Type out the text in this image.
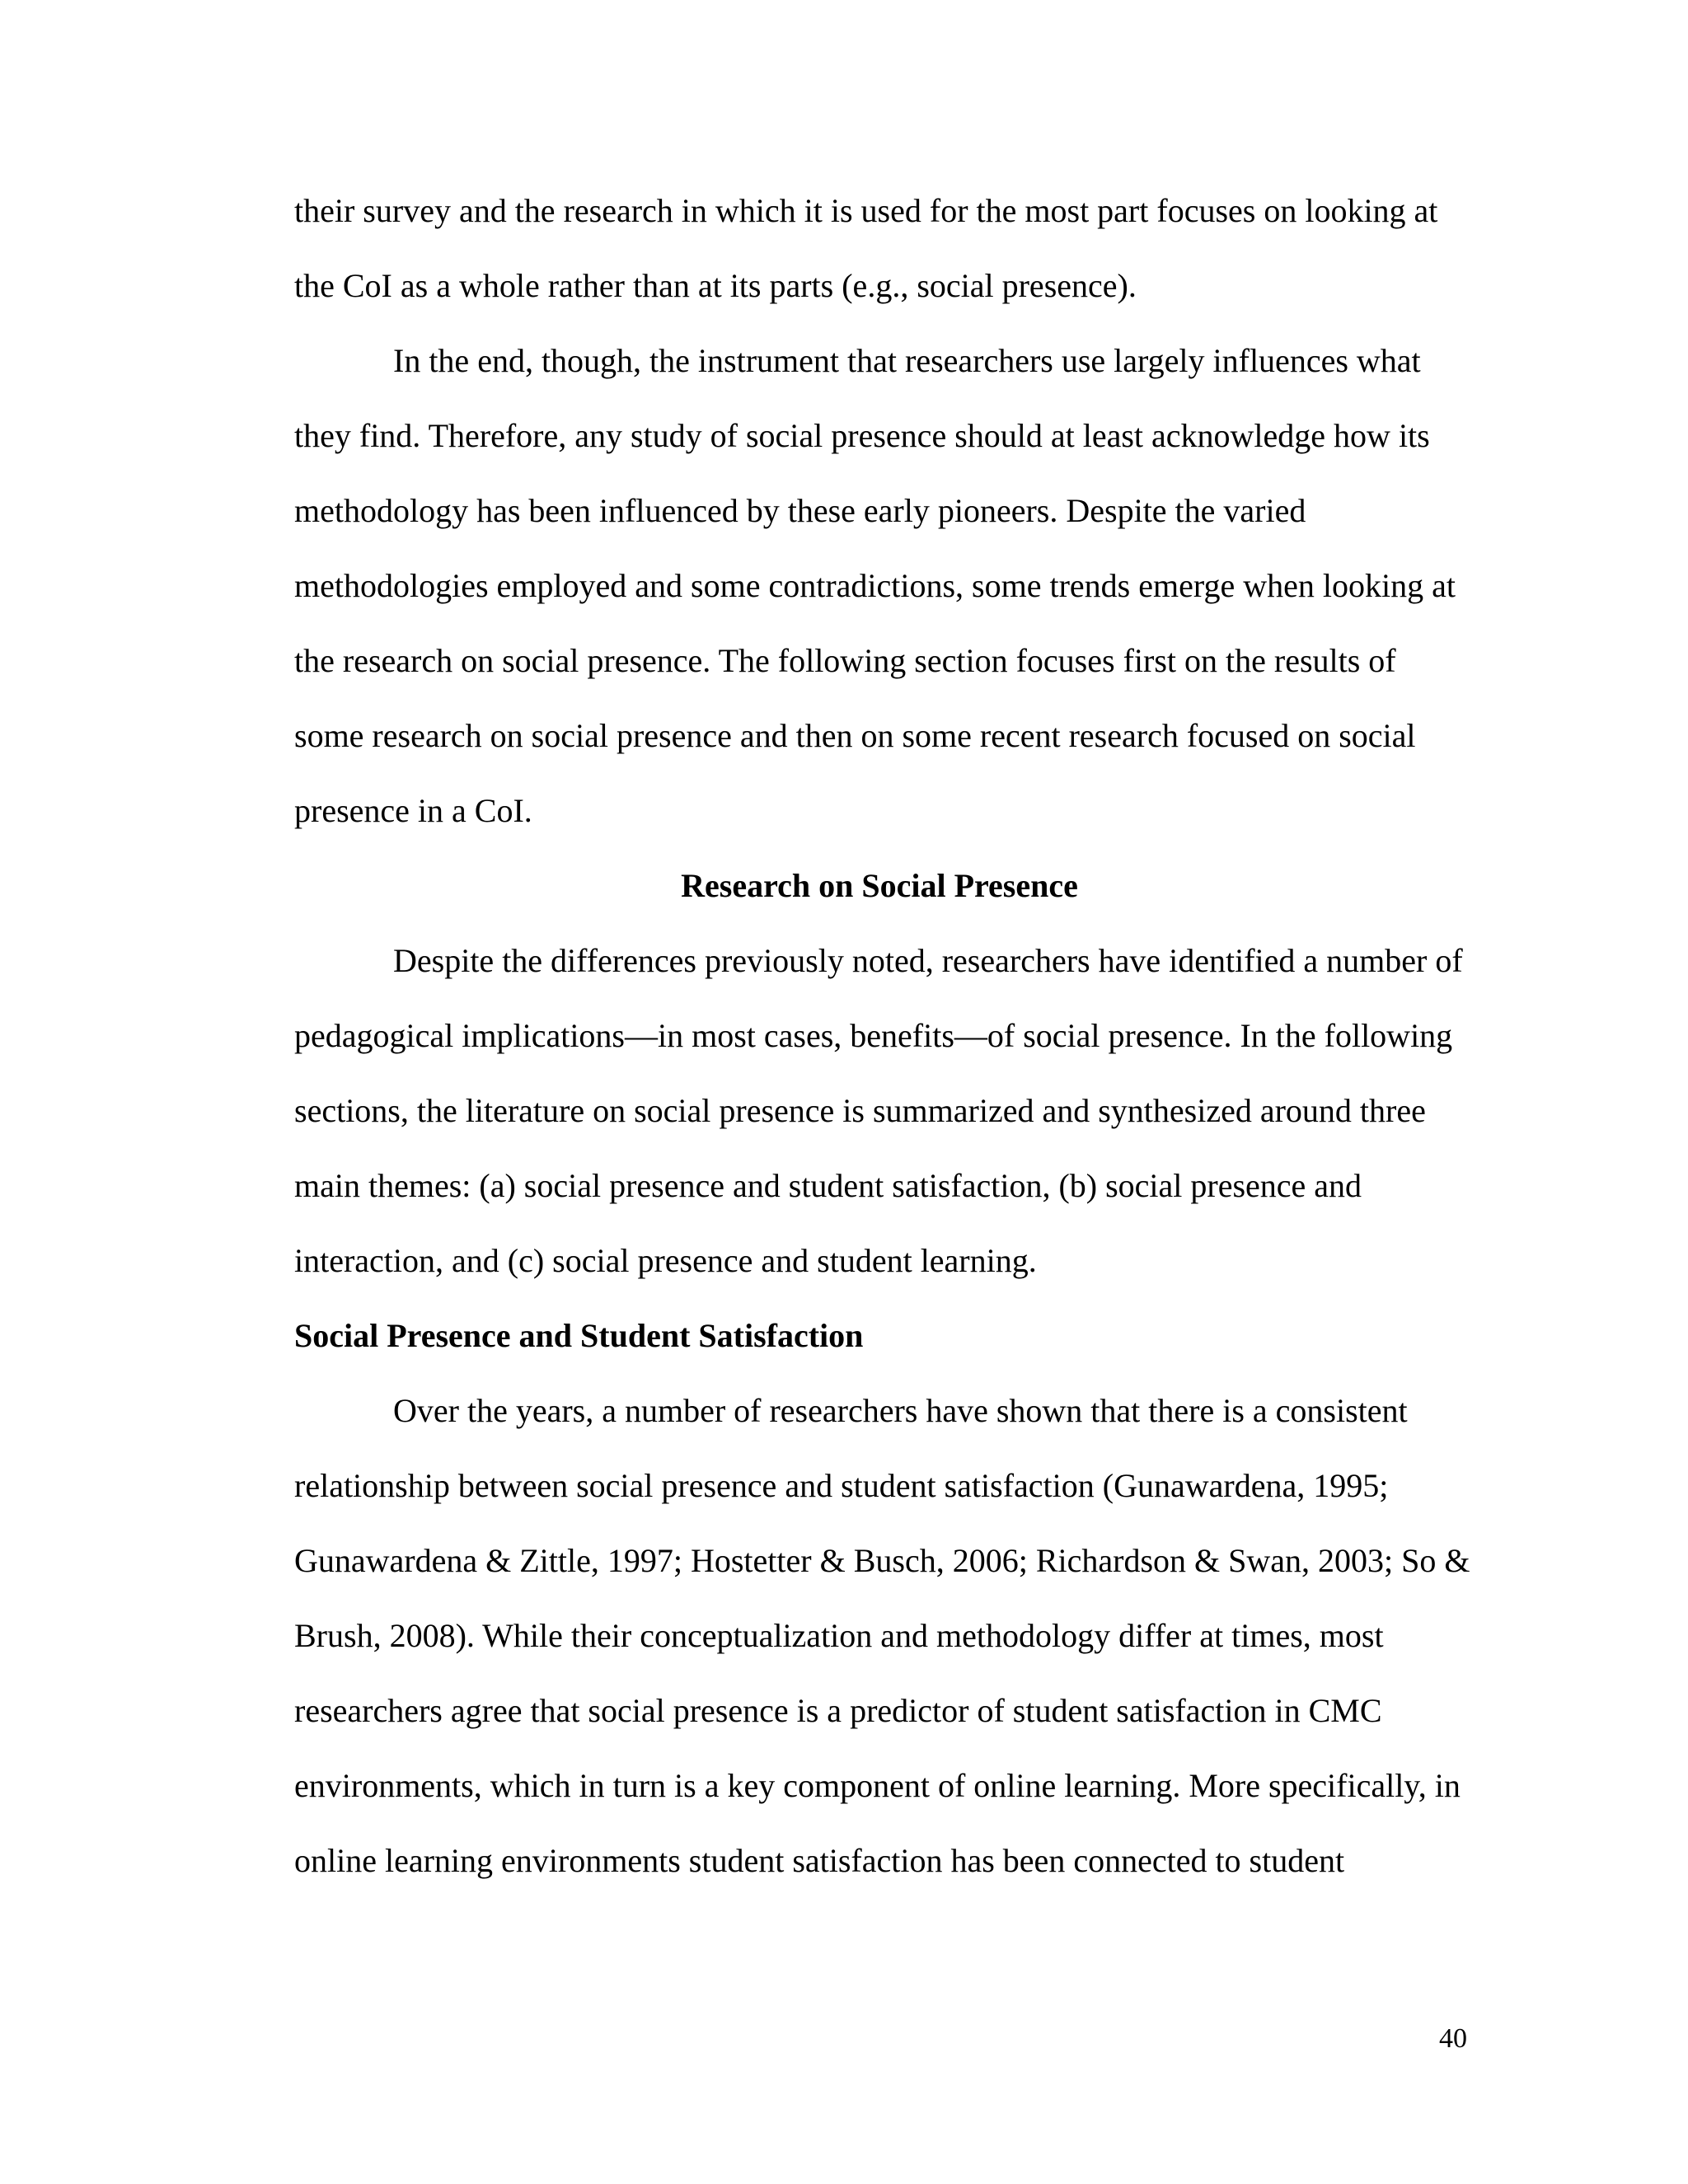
their survey and the research in which it is used for the most part focuses on looking at
the CoI as a whole rather than at its parts (e.g., social presence).
In the end, though, the instrument that researchers use largely influences what
they find. Therefore, any study of social presence should at least acknowledge how its
methodology has been influenced by these early pioneers. Despite the varied
methodologies employed and some contradictions, some trends emerge when looking at
the research on social presence. The following section focuses first on the results of
some research on social presence and then on some recent research focused on social
presence in a CoI.
Research on Social Presence
Despite the differences previously noted, researchers have identified a number of
pedagogical implications—in most cases, benefits—of social presence. In the following
sections, the literature on social presence is summarized and synthesized around three
main themes: (a) social presence and student satisfaction, (b) social presence and
interaction, and (c) social presence and student learning.
Social Presence and Student Satisfaction
Over the years, a number of researchers have shown that there is a consistent
relationship between social presence and student satisfaction (Gunawardena, 1995;
Gunawardena & Zittle, 1997; Hostetter & Busch, 2006; Richardson & Swan, 2003; So &
Brush, 2008). While their conceptualization and methodology differ at times, most
researchers agree that social presence is a predictor of student satisfaction in CMC
environments, which in turn is a key component of online learning. More specifically, in
online learning environments student satisfaction has been connected to student
40
